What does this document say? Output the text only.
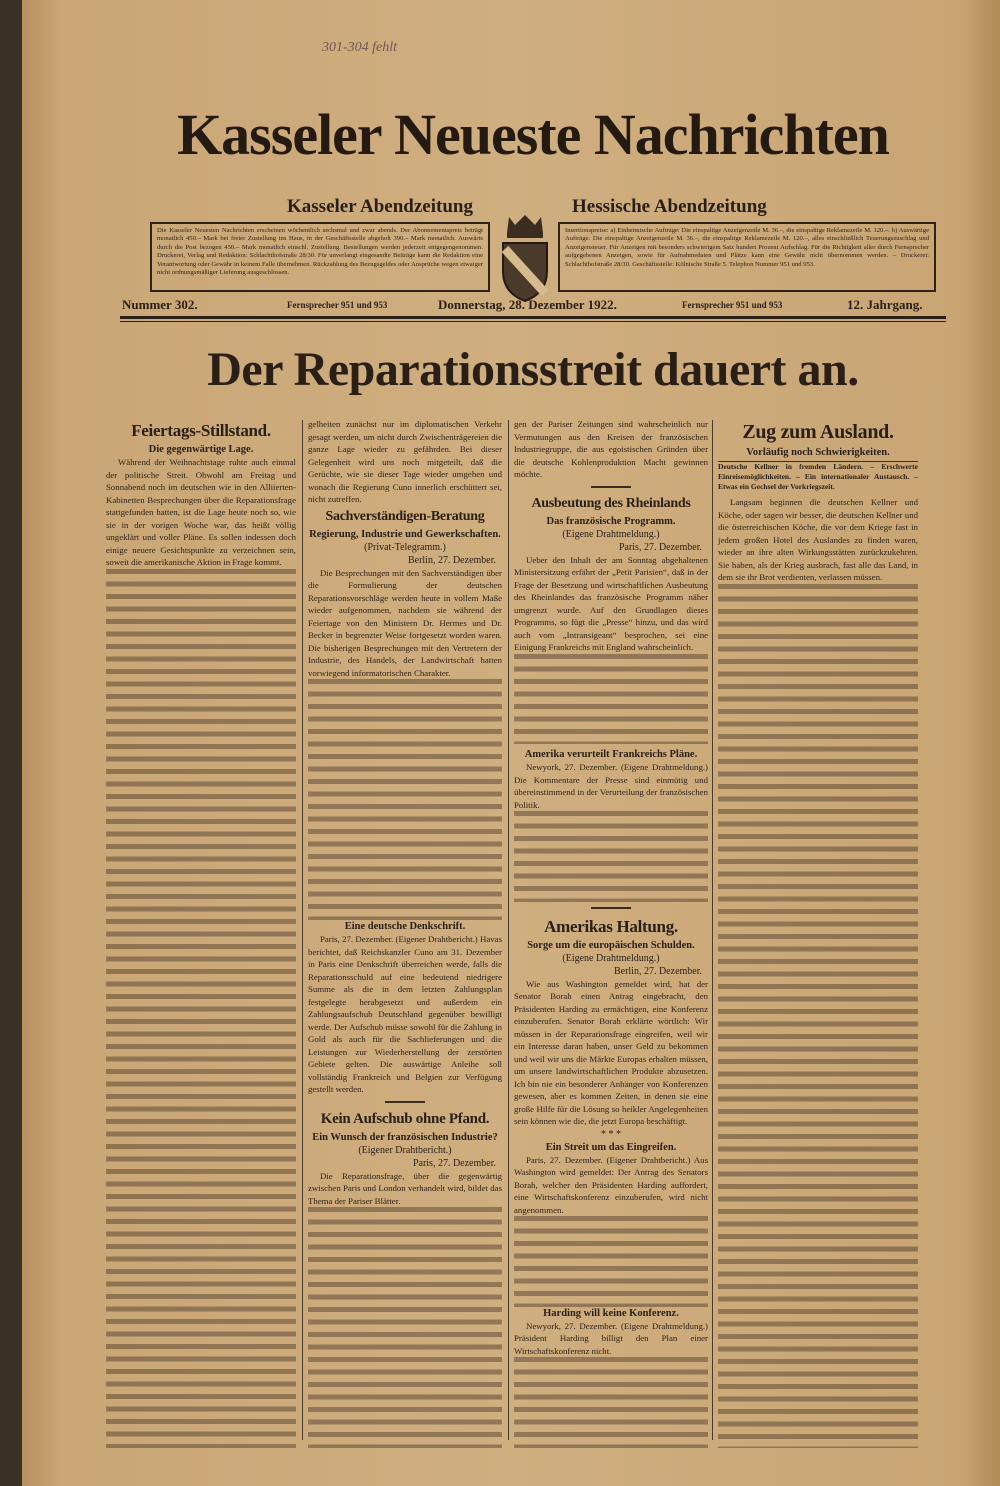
301-304 fehlt
Kasseler Neueste Nachrichten
Kasseler Abendzeitung	Hessische Abendzeitung
Die Kasseler Neuesten Nachrichten erscheinen wöchentlich sechsmal und zwar abends. Der Abonnementspreis beträgt monatlich 450.– Mark bei freier Zustellung ins Haus, in der Geschäftsstelle abgeholt 390.– Mark monatlich. Auswärts durch die Post bezogen 450.– Mark monatlich einschl. Zustellung. Bestellungen werden jederzeit entgegengenommen. Druckerei, Verlag und Redaktion: Schlachthofstraße 28/30. Für unverlangt eingesandte Beiträge kann die Redaktion eine Verantwortung oder Gewähr in keinem Falle übernehmen. Rückzahlung des Bezugsgeldes oder Ansprüche wegen etwaiger nicht ordnungsmäßiger Lieferung ausgeschlossen.
Insertionspreise: a) Einheimische Aufträge: Die einspaltige Anzeigenzeile M. 36.–, die einspaltige Reklamezeile M. 120.–. b) Auswärtige Aufträge: Die einspaltige Anzeigenzeile M. 36.–, die einspaltige Reklamezeile M. 120.–, alles einschließlich Teuerungszuschlag und Anzeigensteuer. Für Anzeigen mit besonders schwierigem Satz hundert Prozent Aufschlag. Für die Richtigkeit aller durch Fernsprecher aufgegebenen Anzeigen, sowie für Aufnahmedaten und Plätze kann eine Gewähr nicht übernommen werden. – Druckerei: Schlachthofstraße 28/30. Geschäftsstelle: Kölnische Straße 5. Telephon Nummer 951 und 953.
Nummer 302.	Fernsprecher 951 und 953	Donnerstag, 28. Dezember 1922.	Fernsprecher 951 und 953	12. Jahrgang.
Der Reparationsstreit dauert an.
Feiertags-Stillstand.
Die gegenwärtige Lage.

Während der Weihnachtstage ruhte auch einmal der politische Streit. Obwohl am Freitag und Sonnabend noch im deutschen wie in den Alliierten-Kabinetten Besprechungen über die Reparationsfrage stattgefunden hatten, ist die Lage heute noch so, wie sie in der vorigen Woche war, das heißt völlig ungeklärt und voller Pläne. Es sollen indessen doch einige neuere Gesichtspunkte zu verzeichnen sein, soweit die amerikanische Aktion in Frage kommt.

gelheiten zunächst nur im diplomatischen Verkehr gesagt werden, um nicht durch Zwischenträgereien die ganze Lage wieder zu gefährden. Bei dieser Gelegenheit wird uns noch mitgeteilt, daß die Gerüchte, wie sie dieser Tage wieder umgehen und wonach die Regierung Cuno innerlich erschüttert sei, nicht zutreffen.

Sachverständigen-Beratung
Regierung, Industrie und Gewerkschaften.
(Privat-Telegramm.)
Berlin, 27. Dezember.

Die Besprechungen mit den Sachverständigen über die Formulierung der deutschen Reparationsvorschläge werden heute in vollem Maße wieder aufgenommen, nachdem sie während der Feiertage von den Ministern Dr. Hermes und Dr. Becker in begrenzter Weise fortgesetzt worden waren. Die bisherigen Besprechungen mit den Vertretern der Industrie, des Handels, der Landwirtschaft hatten vorwiegend informatorischen Charakter.

Eine deutsche Denkschrift.

Paris, 27. Dezember. (Eigener Drahtbericht.) Havas berichtet, daß Reichskanzler Cuno am 31. Dezember in Paris eine Denkschrift überreichen werde, falls die Reparationsschuld auf eine bedeutend niedrigere Summe als die in dem letzten Zahlungsplan festgelegte herabgesetzt und außerdem ein Zahlungsaufschub Deutschland gegenüber bewilligt werde. Der Aufschub müsse sowohl für die Zahlung in Gold als auch für die Sachlieferungen und die Leistungen zur Wiederherstellung der zerstörten Gebiete gelten. Die auswärtige Anleihe soll vollständig Frankreich und Belgien zur Verfügung gestellt werden.

Kein Aufschub ohne Pfand.
Ein Wunsch der französischen Industrie?
(Eigener Drahtbericht.)
Paris, 27. Dezember.

Die Reparationsfrage, über die gegenwärtig zwischen Paris und London verhandelt wird, bildet das Thema der Pariser Blätter.

gen der Pariser Zeitungen sind wahrscheinlich nur Vermutungen aus den Kreisen der französischen Industriegruppe, die aus egoistischen Gründen über die deutsche Kohlenproduktion Macht gewinnen möchte.

Ausbeutung des Rheinlands
Das französische Programm.
(Eigene Drahtmeldung.)
Paris, 27. Dezember.

Ueber den Inhalt der am Sonntag abgehaltenen Ministersitzung erfährt der „Petit Parisien“, daß in der Frage der Besetzung und wirtschaftlichen Ausbeutung des Rheinlandes das französische Programm näher umgrenzt wurde. Auf den Grundlagen dieses Programms, so fügt die „Presse“ hinzu, und das wird auch vom „Intransigeant“ besprochen, sei eine Einigung Frankreichs mit England wahrscheinlich.

Amerika verurteilt Frankreichs Pläne.

Newyork, 27. Dezember. (Eigene Drahtmeldung.) Die Kommentare der Presse sind einmütig und übereinstimmend in der Verurteilung der französischen Politik.

Amerikas Haltung.
Sorge um die europäischen Schulden.
(Eigene Drahtmeldung.)
Berlin, 27. Dezember.

Wie aus Washington gemeldet wird, hat der Senator Borah einen Antrag eingebracht, den Präsidenten Harding zu ermächtigen, eine Konferenz einzuberufen. Senator Borah erklärte wörtlich: Wir müssen in der Reparationsfrage eingreifen, weil wir ein Interesse daran haben, unser Geld zu bekommen und weil wir uns die Märkte Europas erhalten müssen, um unsere landwirtschaftlichen Produkte abzusetzen. Ich bin nie ein besonderer Anhänger von Konferenzen gewesen, aber es kommen Zeiten, in denen sie eine große Hilfe für die Lösung so heikler Angelegenheiten sein können wie die, die jetzt Europa beschäftigt.

* * *
Ein Streit um das Eingreifen.

Paris, 27. Dezember. (Eigener Drahtbericht.) Aus Washington wird gemeldet: Der Antrag des Senators Borah, welcher den Präsidenten Harding auffordert, eine Wirtschaftskonferenz einzuberufen, wird nicht angenommen.

Harding will keine Konferenz.

Newyork, 27. Dezember. (Eigene Drahtmeldung.) Präsident Harding billigt den Plan einer Wirtschaftskonferenz nicht.

Zug zum Ausland.
Vorläufig noch Schwierigkeiten.
Deutsche Kellner in fremden Ländern. – Erschwerte Einreisemöglichkeiten. – Ein internationaler Austausch. – Etwas ein Gechsel der Vorkriegszeit.

Langsam beginnen die deutschen Kellner und Köche, oder sagen wir besser, die deutschen Kellner und die österreichischen Köche, die vor dem Kriege fast in jedem großen Hotel des Auslandes zu finden waren, wieder an ihre alten Wirkungsstätten zurückzukehren. Sie haben, als der Krieg ausbrach, fast alle das Land, in dem sie ihr Brot verdienten, verlassen müssen.
